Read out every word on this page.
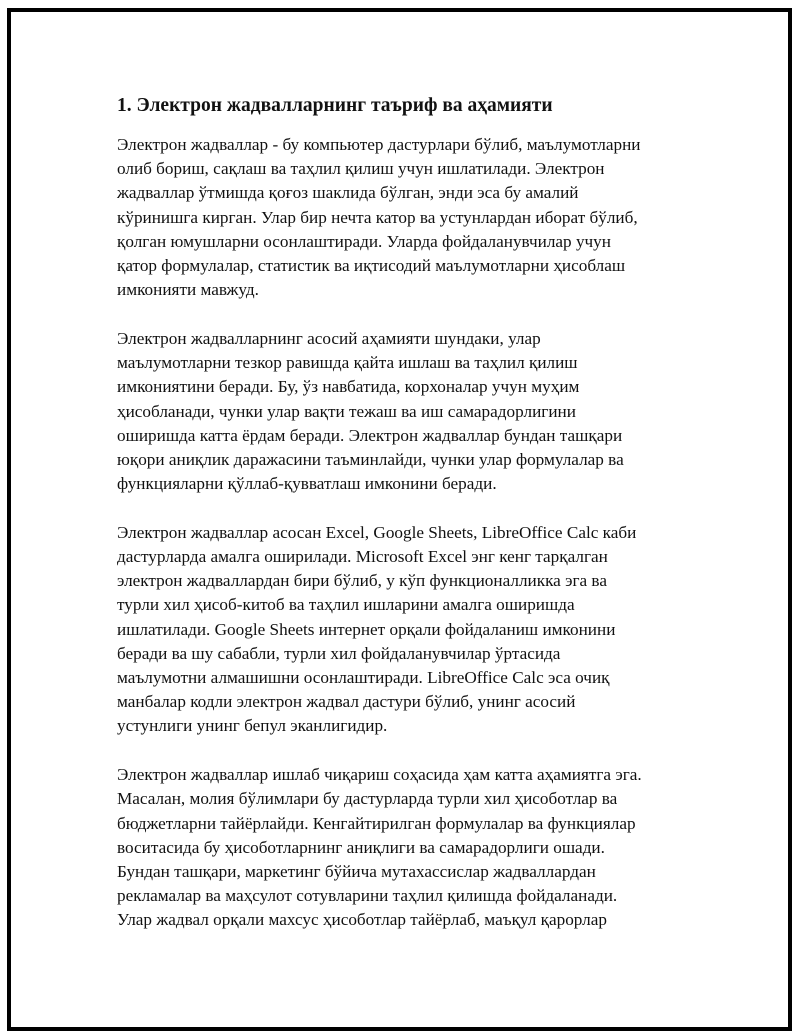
1. Электрон жадвалларнинг таъриф ва аҳамияти
Электрон жадваллар - бу компьютер дастурлари бўлиб, маълумотларни
олиб бориш, сақлаш ва таҳлил қилиш учун ишлатилади. Электрон
жадваллар ўтмишда қоғоз шаклида бўлган, энди эса бу амалий
кўринишга кирган. Улар бир нечта катор ва устунлардан иборат бўлиб,
қолган юмушларни осонлаштиради. Уларда фойдаланувчилар учун
қатор формулалар, статистик ва иқтисодий маълумотларни ҳисоблаш
имконияти мавжуд.
Электрон жадвалларнинг асосий аҳамияти шундаки, улар
маълумотларни тезкор равишда қайта ишлаш ва таҳлил қилиш
имкониятини беради. Бу, ўз навбатида, корхоналар учун муҳим
ҳисобланади, чунки улар вақти тежаш ва иш самарадорлигини
оширишда катта ёрдам беради. Электрон жадваллар бундан ташқари
юқори аниқлик даражасини таъминлайди, чунки улар формулалар ва
функцияларни қўллаб-қувватлаш имконини беради.
Электрон жадваллар асосан Excel, Google Sheets, LibreOffice Calc каби
дастурларда амалга оширилади. Microsoft Excel энг кенг тарқалган
электрон жадваллардан бири бўлиб, у кўп функционалликка эга ва
турли хил ҳисоб-китоб ва таҳлил ишларини амалга оширишда
ишлатилади. Google Sheets интернет орқали фойдаланиш имконини
беради ва шу сабабли, турли хил фойдаланувчилар ўртасида
маълумотни алмашишни осонлаштиради. LibreOffice Calc эса очиқ
манбалар кодли электрон жадвал дастури бўлиб, унинг асосий
устунлиги унинг бепул эканлигидир.
Электрон жадваллар ишлаб чиқариш соҳасида ҳам катта аҳамиятга эга.
Масалан, молия бўлимлари бу дастурларда турли хил ҳисоботлар ва
бюджетларни тайёрлайди. Кенгайтирилган формулалар ва функциялар
воситасида бу ҳисоботларнинг аниқлиги ва самарадорлиги ошади.
Бундан ташқари, маркетинг бўйича мутахассислар жадваллардан
рекламалар ва маҳсулот сотувларини таҳлил қилишда фойдаланади.
Улар жадвал орқали махсус ҳисоботлар тайёрлаб, маъқул қарорлар
